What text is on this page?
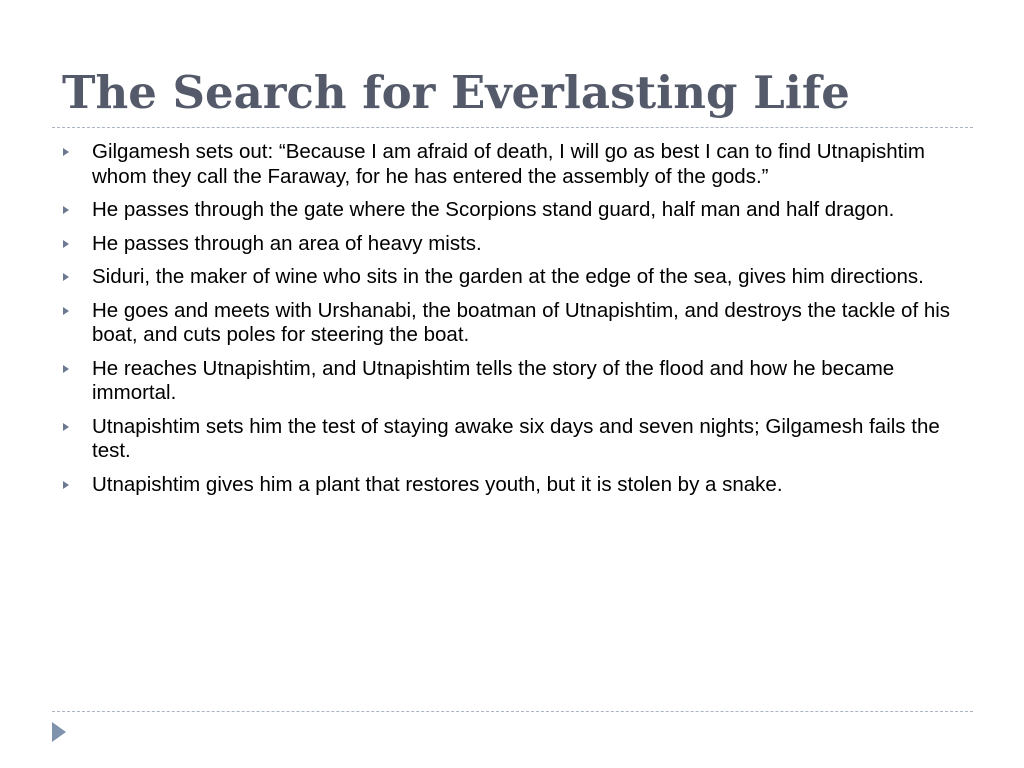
The Search for Everlasting Life
Gilgamesh sets out: “Because I am afraid of death, I will go as best I can to find Utnapishtim whom they call the Faraway, for he has entered the assembly of the gods.”
He passes through the gate where the Scorpions stand guard, half man and half dragon.
He passes through an area of heavy mists.
Siduri, the maker of wine who sits in the garden at the edge of the sea, gives him directions.
He goes and meets with Urshanabi, the boatman of Utnapishtim, and destroys the tackle of his boat, and cuts poles for steering the boat.
He reaches Utnapishtim, and Utnapishtim tells the story of the flood and how he became immortal.
Utnapishtim sets him the test of staying awake six days and seven nights; Gilgamesh fails the test.
Utnapishtim gives him a plant that restores youth, but it is stolen by a snake.
